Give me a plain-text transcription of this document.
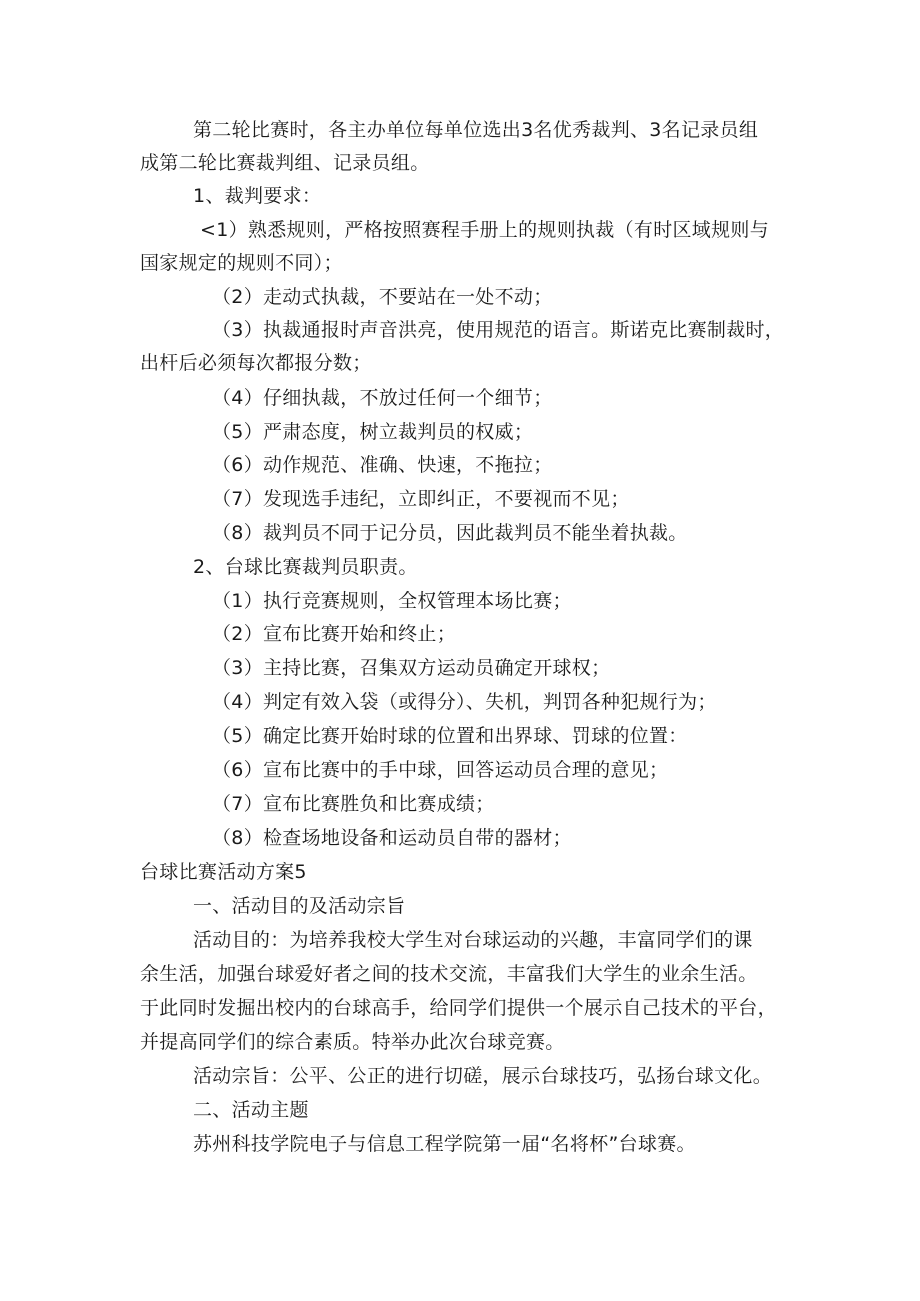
第二轮比赛时，各主办单位每单位选出3名优秀裁判、3名记录员组
成第二轮比赛裁判组、记录员组。
1、裁判要求：
<1）熟悉规则，严格按照赛程手册上的规则执裁（有时区域规则与
国家规定的规则不同）；
（2）走动式执裁，不要站在一处不动；
（3）执裁通报时声音洪亮，使用规范的语言。斯诺克比赛制裁时，
出杆后必须每次都报分数；
（4）仔细执裁，不放过任何一个细节；
（5）严肃态度，树立裁判员的权威；
（6）动作规范、准确、快速，不拖拉；
（7）发现选手违纪，立即纠正，不要视而不见；
（8）裁判员不同于记分员，因此裁判员不能坐着执裁。
2、台球比赛裁判员职责。
（1）执行竞赛规则，全权管理本场比赛；
（2）宣布比赛开始和终止；
（3）主持比赛，召集双方运动员确定开球权；
（4）判定有效入袋（或得分）、失机，判罚各种犯规行为；
（5）确定比赛开始时球的位置和出界球、罚球的位置：
（6）宣布比赛中的手中球，回答运动员合理的意见；
（7）宣布比赛胜负和比赛成绩；
（8）检查场地设备和运动员自带的器材；
台球比赛活动方案5
一、活动目的及活动宗旨
活动目的：为培养我校大学生对台球运动的兴趣，丰富同学们的课
余生活，加强台球爱好者之间的技术交流，丰富我们大学生的业余生活。
于此同时发掘出校内的台球高手，给同学们提供一个展示自己技术的平台，
并提高同学们的综合素质。特举办此次台球竞赛。
活动宗旨：公平、公正的进行切磋，展示台球技巧，弘扬台球文化。
二、活动主题
苏州科技学院电子与信息工程学院第一届“名将杯”台球赛。
